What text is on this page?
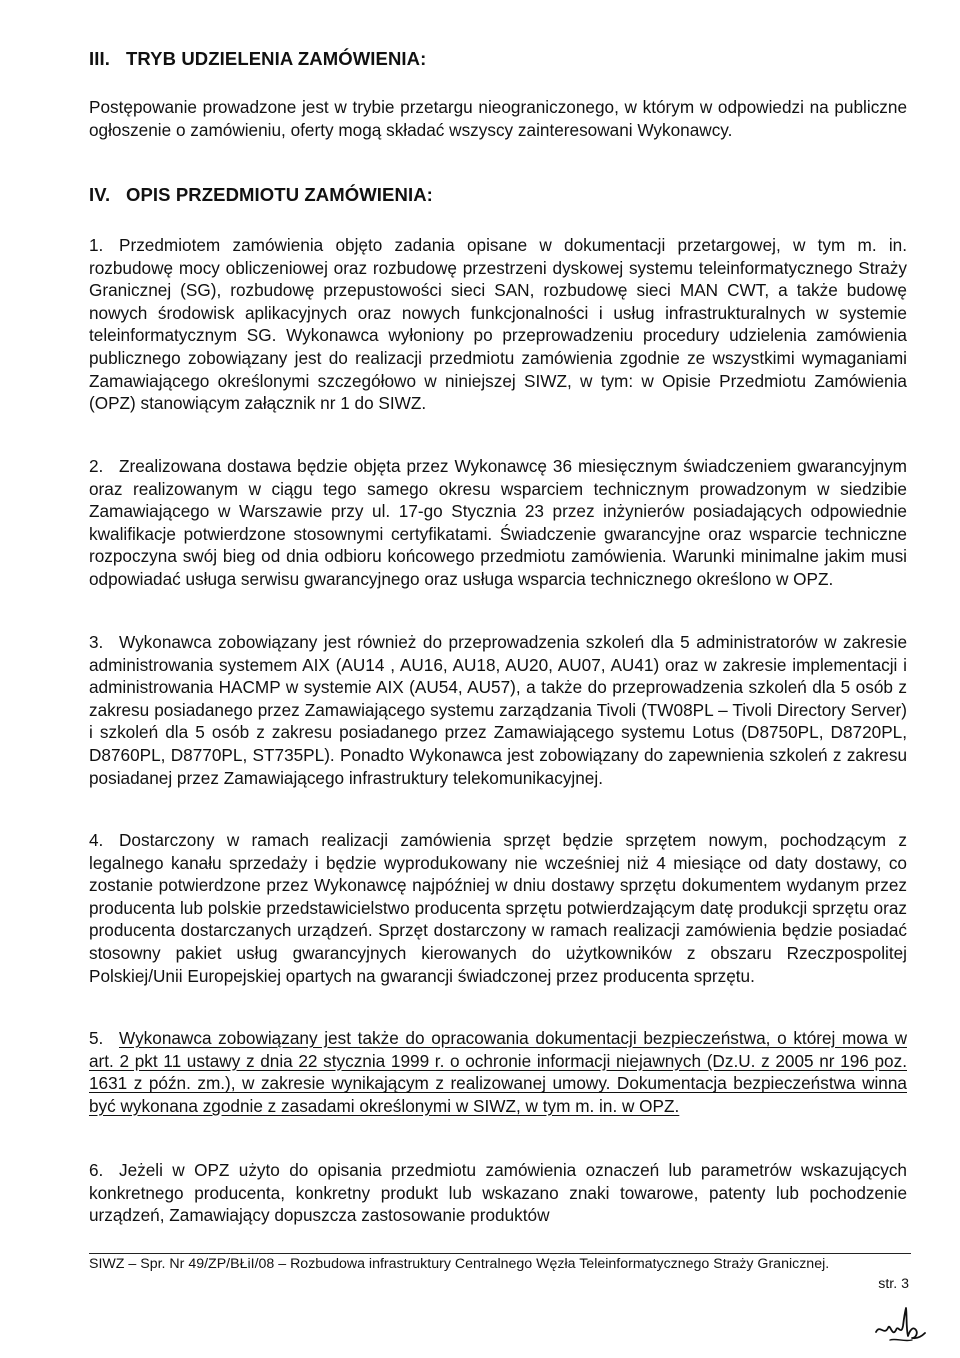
III. TRYB UDZIELENIA ZAMÓWIENIA:
Postępowanie prowadzone jest w trybie przetargu nieograniczonego, w którym w odpowiedzi na publiczne ogłoszenie o zamówieniu, oferty mogą składać wszyscy zainteresowani Wykonawcy.
IV. OPIS PRZEDMIOTU ZAMÓWIENIA:
1. Przedmiotem zamówienia objęto zadania opisane w dokumentacji przetargowej, w tym m. in. rozbudowę mocy obliczeniowej oraz rozbudowę przestrzeni dyskowej systemu teleinformatycznego Straży Granicznej (SG), rozbudowę przepustowości sieci SAN, rozbudowę sieci MAN CWT, a także budowę nowych środowisk aplikacyjnych oraz nowych funkcjonalności i usług infrastrukturalnych w systemie teleinformatycznym SG. Wykonawca wyłoniony po przeprowadzeniu procedury udzielenia zamówienia publicznego zobowiązany jest do realizacji przedmiotu zamówienia zgodnie ze wszystkimi wymaganiami Zamawiającego określonymi szczegółowo w niniejszej SIWZ, w tym: w Opisie Przedmiotu Zamówienia (OPZ) stanowiącym załącznik nr 1 do SIWZ.
2. Zrealizowana dostawa będzie objęta przez Wykonawcę 36 miesięcznym świadczeniem gwarancyjnym oraz realizowanym w ciągu tego samego okresu wsparciem technicznym prowadzonym w siedzibie Zamawiającego w Warszawie przy ul. 17-go Stycznia 23 przez inżynierów posiadających odpowiednie kwalifikacje potwierdzone stosownymi certyfikatami. Świadczenie gwarancyjne oraz wsparcie techniczne rozpoczyna swój bieg od dnia odbioru końcowego przedmiotu zamówienia. Warunki minimalne jakim musi odpowiadać usługa serwisu gwarancyjnego oraz usługa wsparcia technicznego określono w OPZ.
3. Wykonawca zobowiązany jest również do przeprowadzenia szkoleń dla 5 administratorów w zakresie administrowania systemem AIX (AU14 , AU16, AU18, AU20, AU07, AU41) oraz w zakresie implementacji i administrowania HACMP w systemie AIX (AU54, AU57), a także do przeprowadzenia szkoleń dla 5 osób z zakresu posiadanego przez Zamawiającego systemu zarządzania Tivoli (TW08PL – Tivoli Directory Server) i szkoleń dla 5 osób z zakresu posiadanego przez Zamawiającego systemu Lotus (D8750PL, D8720PL, D8760PL, D8770PL, ST735PL). Ponadto Wykonawca jest zobowiązany do zapewnienia szkoleń z zakresu posiadanej przez Zamawiającego infrastruktury telekomunikacyjnej.
4. Dostarczony w ramach realizacji zamówienia sprzęt będzie sprzętem nowym, pochodzącym z legalnego kanału sprzedaży i będzie wyprodukowany nie wcześniej niż 4 miesiące od daty dostawy, co zostanie potwierdzone przez Wykonawcę najpóźniej w dniu dostawy sprzętu dokumentem wydanym przez producenta lub polskie przedstawicielstwo producenta sprzętu potwierdzającym datę produkcji sprzętu oraz producenta dostarczanych urządzeń. Sprzęt dostarczony w ramach realizacji zamówienia będzie posiadać stosowny pakiet usług gwarancyjnych kierowanych do użytkowników z obszaru Rzeczpospolitej Polskiej/Unii Europejskiej opartych na gwarancji świadczonej przez producenta sprzętu.
5. Wykonawca zobowiązany jest także do opracowania dokumentacji bezpieczeństwa, o której mowa w art. 2 pkt 11 ustawy z dnia 22 stycznia 1999 r. o ochronie informacji niejawnych (Dz.U. z 2005 nr 196 poz. 1631 z późn. zm.), w zakresie wynikającym z realizowanej umowy. Dokumentacja bezpieczeństwa winna być wykonana zgodnie z zasadami określonymi w SIWZ, w tym m. in. w OPZ.
6. Jeżeli w OPZ użyto do opisania przedmiotu zamówienia oznaczeń lub parametrów wskazujących konkretnego producenta, konkretny produkt lub wskazano znaki towarowe, patenty lub pochodzenie urządzeń, Zamawiający dopuszcza zastosowanie produktów
SIWZ – Spr. Nr 49/ZP/BŁiI/08 – Rozbudowa infrastruktury Centralnego Węzła Teleinformatycznego Straży Granicznej.
str. 3
